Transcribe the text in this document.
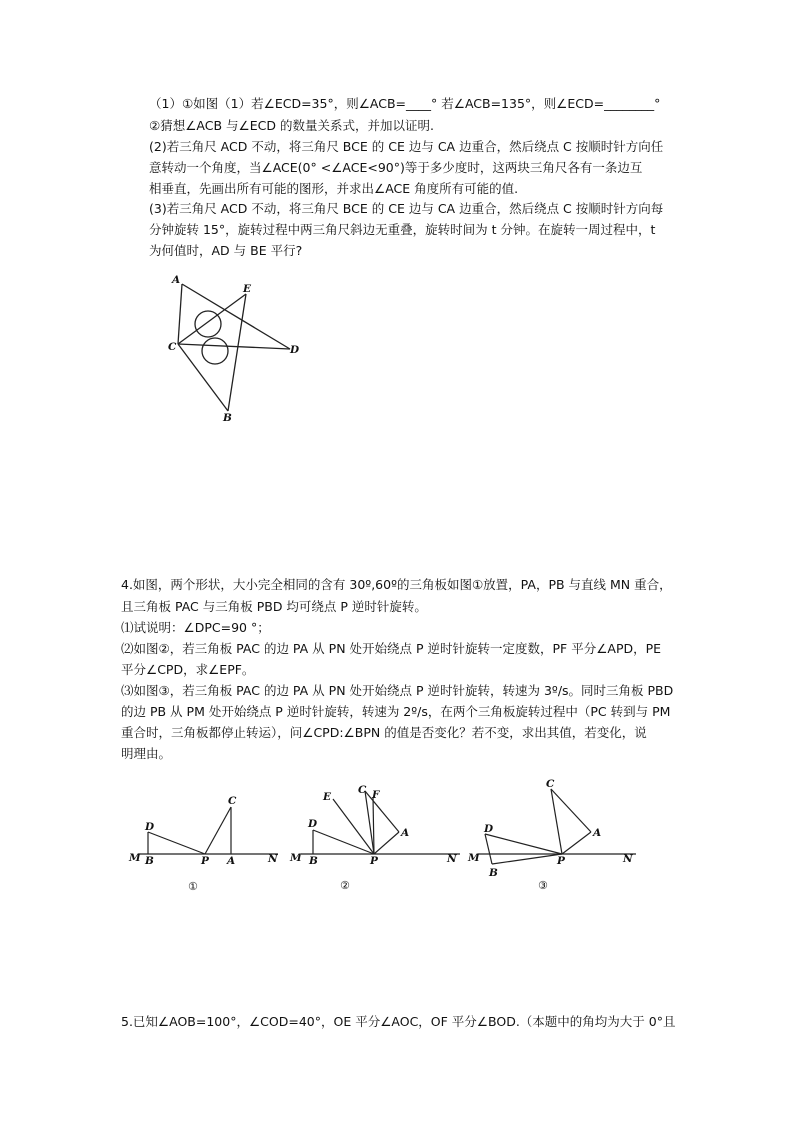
（1）①如图（1）若∠ECD=35°，则∠ACB=____° 若∠ACB=135°，则∠ECD=________°
②猜想∠ACB 与∠ECD 的数量关系式，并加以证明.
(2)若三角尺 ACD 不动，将三角尺 BCE 的 CE 边与 CA 边重合，然后绕点 C 按顺时针方向任
意转动一个角度，当∠ACE(0° <∠ACE<90°)等于多少度时，这两块三角尺各有一条边互
相垂直，先画出所有可能的图形，并求出∠ACE 角度所有可能的值.
(3)若三角尺 ACD 不动，将三角尺 BCE 的 CE 边与 CA 边重合，然后绕点 C 按顺时针方向每
分钟旋转 15°，旋转过程中两三角尺斜边无重叠，旋转时间为 t 分钟。在旋转一周过程中，t
为何值时，AD 与 BE 平行?
A
E
C	D
B
4.如图，两个形状，大小完全相同的含有 30º,60º的三角板如图①放置，PA，PB 与直线 MN 重合，
且三角板 PAC 与三角板 PBD 均可绕点 P 逆时针旋转。
⑴试说明：∠DPC=90 °；
⑵如图②，若三角板 PAC 的边 PA 从 PN 处开始绕点 P 逆时针旋转一定度数，PF 平分∠APD，PE
平分∠CPD，求∠EPF。
⑶如图③，若三角板 PAC 的边 PA 从 PN 处开始绕点 P 逆时针旋转，转速为 3º/s。同时三角板 PBD
的边 PB 从 PM 处开始绕点 P 逆时针旋转，转速为 2º/s，在两个三角板旋转过程中（PC 转到与 PM
重合时，三角板都停止转运），问∠CPD:∠BPN 的值是否变化？若不变，求出其值，若变化，说
明理由。
M B	P A	N
D
C
①
M B	P	N
D
E
C F
A
②
M
B
P	N
D
C
A
③
5.已知∠AOB=100°，∠COD=40°，OE 平分∠AOC，OF 平分∠BOD.（本题中的角均为大于 0°且
